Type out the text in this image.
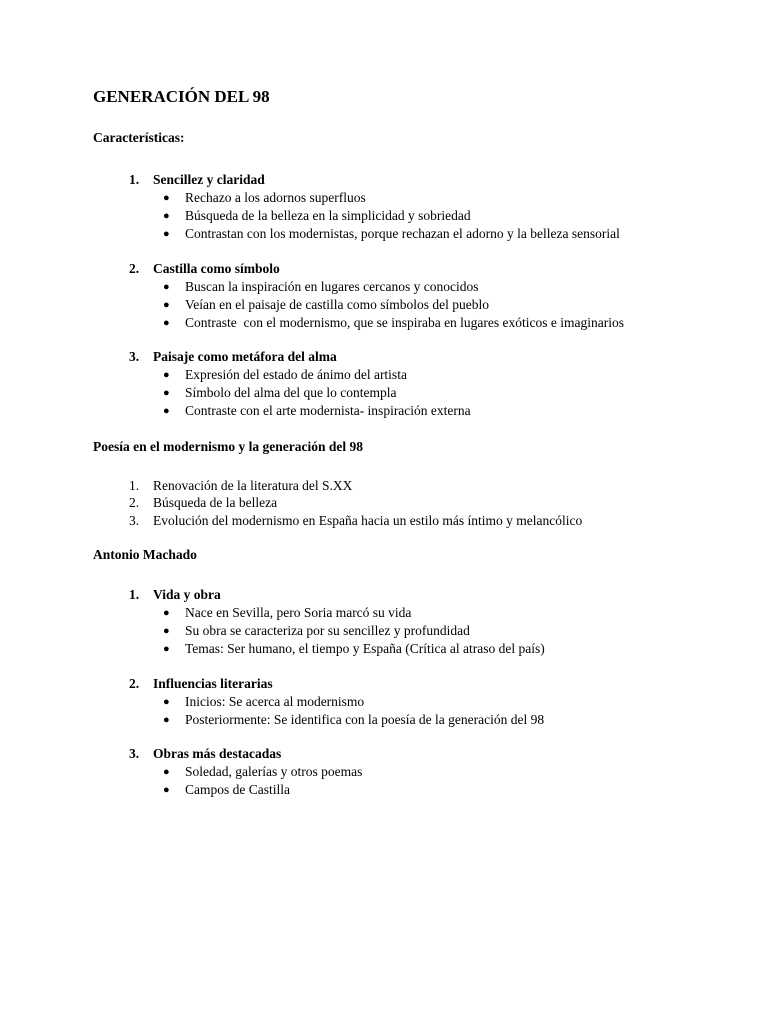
GENERACIÓN DEL 98
Características:
1. Sencillez y claridad
● Rechazo a los adornos superfluos
● Búsqueda de la belleza en la simplicidad y sobriedad
● Contrastan con los modernistas, porque rechazan el adorno y la belleza sensorial
2. Castilla como símbolo
● Buscan la inspiración en lugares cercanos y conocidos
● Veían en el paisaje de castilla como símbolos del pueblo
● Contraste  con el modernismo, que se inspiraba en lugares exóticos e imaginarios
3. Paisaje como metáfora del alma
● Expresión del estado de ánimo del artista
● Símbolo del alma del que lo contempla
● Contraste con el arte modernista- inspiración externa
Poesía en el modernismo y la generación del 98
1. Renovación de la literatura del S.XX
2. Búsqueda de la belleza
3. Evolución del modernismo en España hacia un estilo más íntimo y melancólico
Antonio Machado
1. Vida y obra
● Nace en Sevilla, pero Soria marcó su vida
● Su obra se caracteriza por su sencillez y profundidad
● Temas: Ser humano, el tiempo y España (Crítica al atraso del país)
2. Influencias literarias
● Inicios: Se acerca al modernismo
● Posteriormente: Se identifica con la poesía de la generación del 98
3. Obras más destacadas
● Soledad, galerías y otros poemas
● Campos de Castilla
